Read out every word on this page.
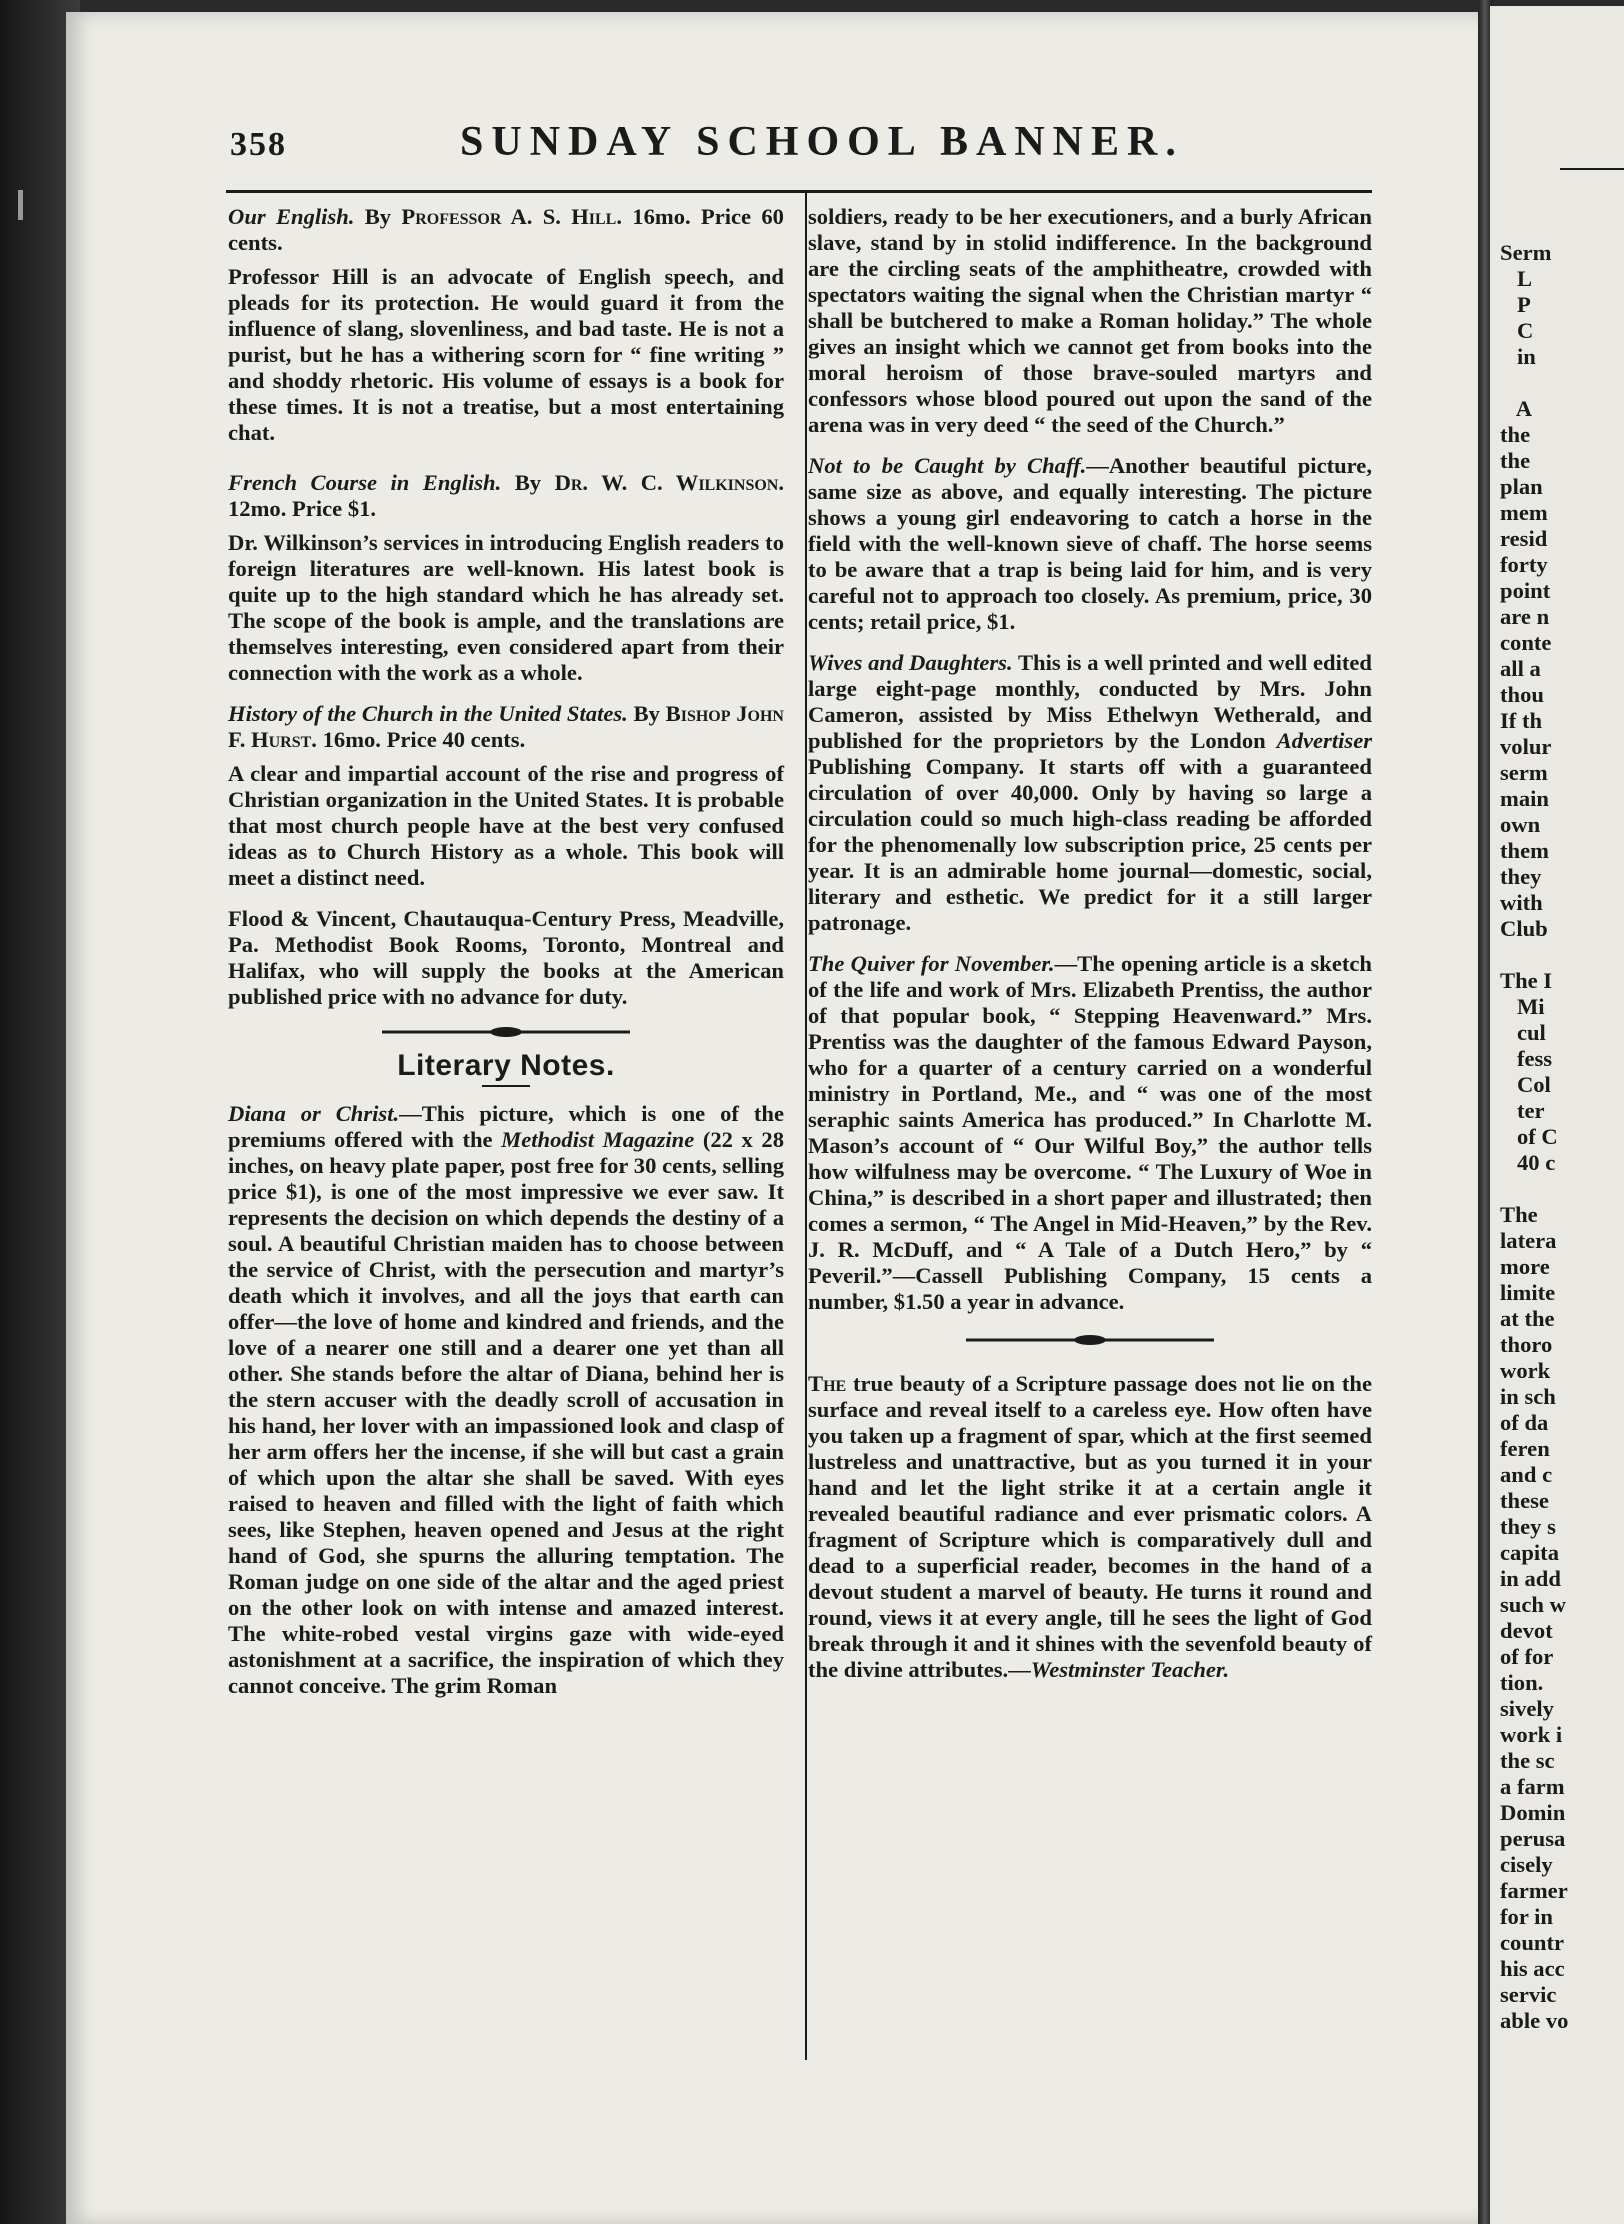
358	SUNDAY SCHOOL BANNER.

Our English. By Professor A. S. Hill. 16mo. Price 60 cents.

Professor Hill is an advocate of English speech, and pleads for its protection. He would guard it from the influence of slang, slovenliness, and bad taste. He is not a purist, but he has a withering scorn for “ fine writing ” and shoddy rhetoric. His volume of essays is a book for these times. It is not a treatise, but a most entertaining chat.

French Course in English. By Dr. W. C. Wilkinson. 12mo. Price $1.

Dr. Wilkinson’s services in introducing English readers to foreign literatures are well-known. His latest book is quite up to the high standard which he has already set. The scope of the book is ample, and the translations are themselves interesting, even considered apart from their connection with the work as a whole.

History of the Church in the United States. By Bishop John F. Hurst. 16mo. Price 40 cents.

A clear and impartial account of the rise and progress of Christian organization in the United States. It is probable that most church people have at the best very confused ideas as to Church History as a whole. This book will meet a distinct need.

Flood & Vincent, Chautauqua-Century Press, Meadville, Pa. Methodist Book Rooms, Toronto, Montreal and Halifax, who will supply the books at the American published price with no advance for duty.

Literary Notes.

Diana or Christ.—This picture, which is one of the premiums offered with the Methodist Magazine (22 x 28 inches, on heavy plate paper, post free for 30 cents, selling price $1), is one of the most impressive we ever saw. It represents the decision on which depends the destiny of a soul. A beautiful Christian maiden has to choose between the service of Christ, with the persecution and martyr’s death which it involves, and all the joys that earth can offer—the love of home and kindred and friends, and the love of a nearer one still and a dearer one yet than all other. She stands before the altar of Diana, behind her is the stern accuser with the deadly scroll of accusation in his hand, her lover with an impassioned look and clasp of her arm offers her the incense, if she will but cast a grain of which upon the altar she shall be saved. With eyes raised to heaven and filled with the light of faith which sees, like Stephen, heaven opened and Jesus at the right hand of God, she spurns the alluring temptation. The Roman judge on one side of the altar and the aged priest on the other look on with intense and amazed interest. The white-robed vestal virgins gaze with wide-eyed astonishment at a sacrifice, the inspiration of which they cannot conceive. The grim Roman

soldiers, ready to be her executioners, and a burly African slave, stand by in stolid indifference. In the background are the circling seats of the amphitheatre, crowded with spectators waiting the signal when the Christian martyr “ shall be butchered to make a Roman holiday.” The whole gives an insight which we cannot get from books into the moral heroism of those brave-souled martyrs and confessors whose blood poured out upon the sand of the arena was in very deed “ the seed of the Church.”

Not to be Caught by Chaff.—Another beautiful picture, same size as above, and equally interesting. The picture shows a young girl endeavoring to catch a horse in the field with the well-known sieve of chaff. The horse seems to be aware that a trap is being laid for him, and is very careful not to approach too closely. As premium, price, 30 cents; retail price, $1.

Wives and Daughters. This is a well printed and well edited large eight-page monthly, conducted by Mrs. John Cameron, assisted by Miss Ethelwyn Wetherald, and published for the proprietors by the London Advertiser Publishing Company. It starts off with a guaranteed circulation of over 40,000. Only by having so large a circulation could so much high-class reading be afforded for the phenomenally low subscription price, 25 cents per year. It is an admirable home journal—domestic, social, literary and esthetic. We predict for it a still larger patronage.

The Quiver for November.—The opening article is a sketch of the life and work of Mrs. Elizabeth Prentiss, the author of that popular book, “ Stepping Heavenward.” Mrs. Prentiss was the daughter of the famous Edward Payson, who for a quarter of a century carried on a wonderful ministry in Portland, Me., and “ was one of the most seraphic saints America has produced.” In Charlotte M. Mason’s account of “ Our Wilful Boy,” the author tells how wilfulness may be overcome. “ The Luxury of Woe in China,” is described in a short paper and illustrated; then comes a sermon, “ The Angel in Mid-Heaven,” by the Rev. J. R. McDuff, and “ A Tale of a Dutch Hero,” by “ Peveril.”—Cassell Publishing Company, 15 cents a number, $1.50 a year in advance.

The true beauty of a Scripture passage does not lie on the surface and reveal itself to a careless eye. How often have you taken up a fragment of spar, which at the first seemed lustreless and unattractive, but as you turned it in your hand and let the light strike it at a certain angle it revealed beautiful radiance and ever prismatic colors. A fragment of Scripture which is comparatively dull and dead to a superficial reader, becomes in the hand of a devout student a marvel of beauty. He turns it round and round, views it at every angle, till he sees the light of God break through it and it shines with the sevenfold beauty of the divine attributes.—Westminster Teacher.

Serm
L
P
C
in
A
the
the
plan
mem
resid
forty
point
are n
conte
all a
thou
If th
volur
serm
main
own
them
they
with
Club
The I
Mi
cul
fess
Col
ter
of C
40 c
The
latera
more
limite
at the
thoro
work
in sch
of da
feren
and c
these
they s
capita
in add
such w
devot
of for
tion.
sively
work i
the sc
a farm
Domin
perusa
cisely
farmer
for in
countr
his acc
servic
able vo
